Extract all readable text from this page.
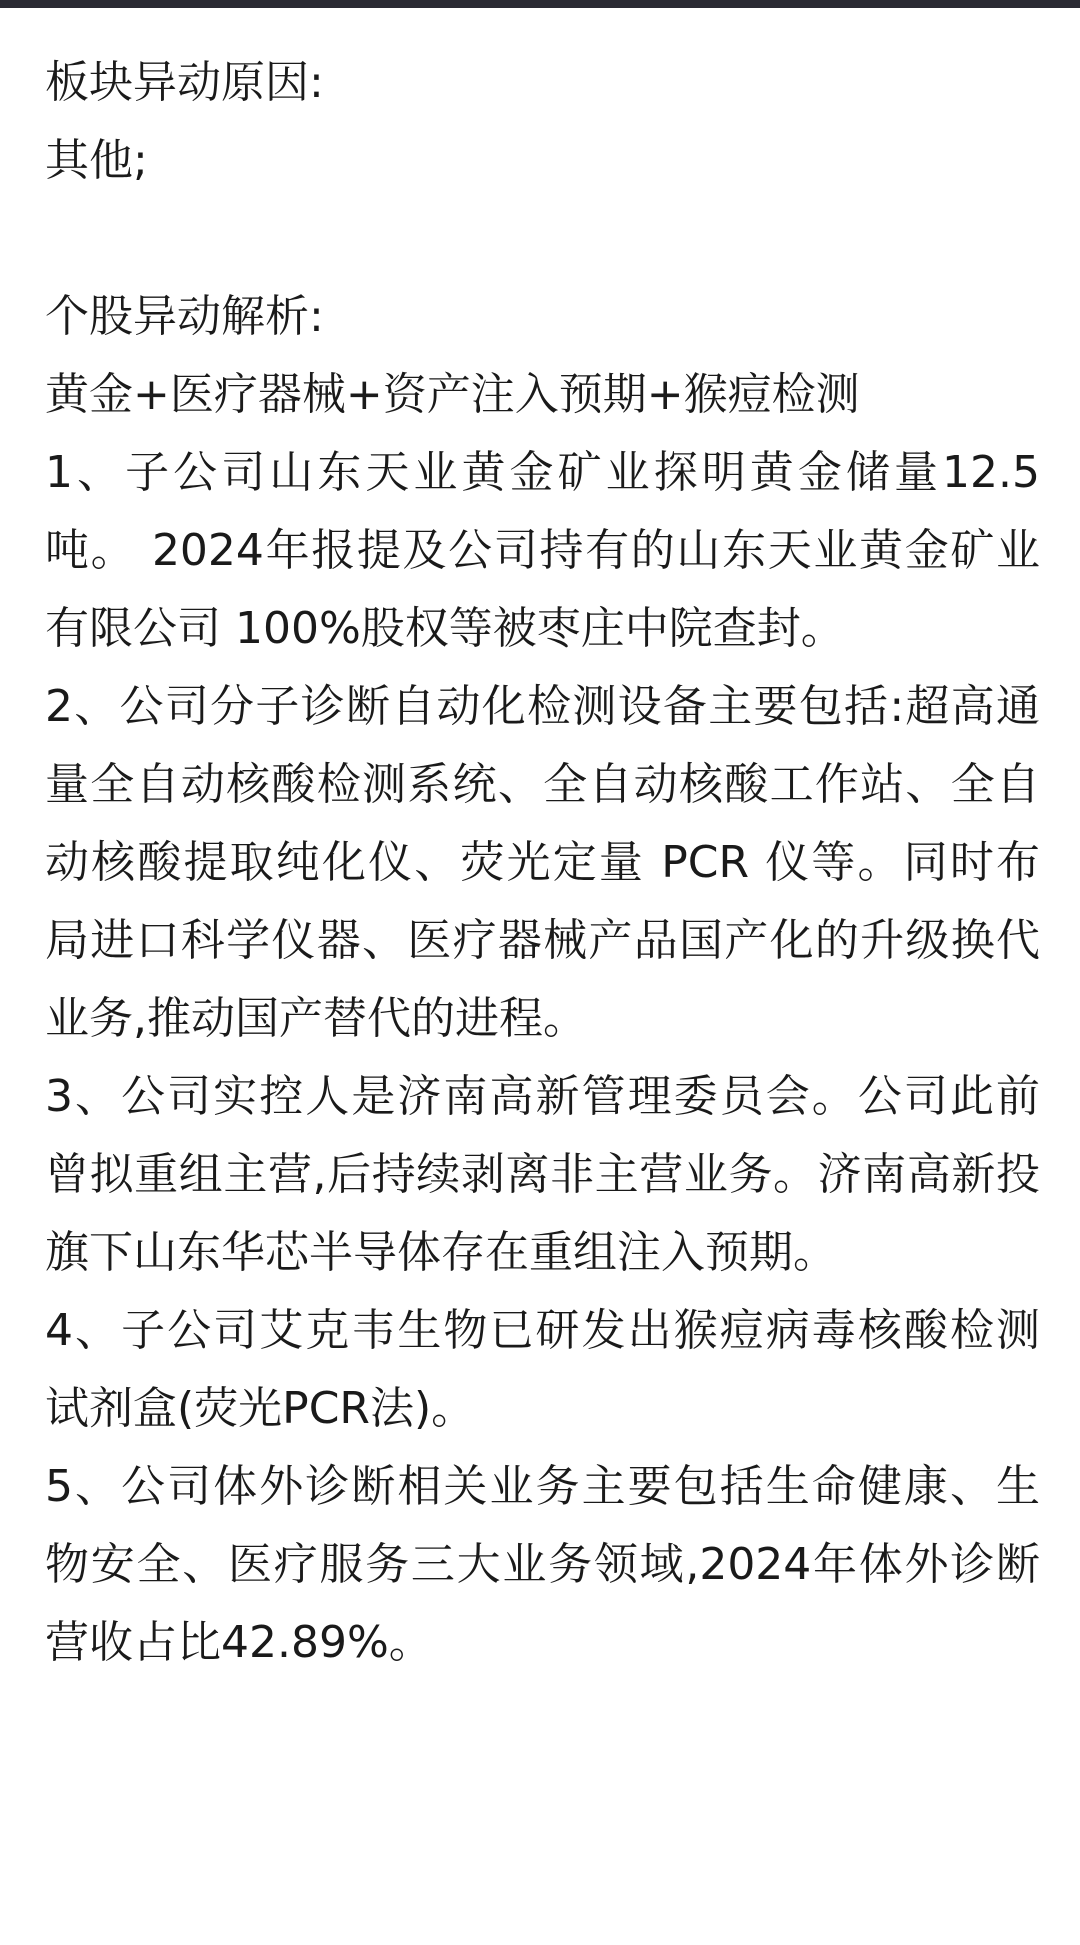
板块异动原因:
其他;
个股异动解析:
黄金+医疗器械+资产注入预期+猴痘检测
1、子公司山东天业黄金矿业探明黄金储量12.5吨。 2024年报提及公司持有的山东天业黄金矿业有限公司 100%股权等被枣庄中院查封。
2、公司分子诊断自动化检测设备主要包括:超高通量全自动核酸检测系统、全自动核酸工作站、全自动核酸提取纯化仪、荧光定量 PCR 仪等。同时布局进口科学仪器、医疗器械产品国产化的升级换代业务,推动国产替代的进程。
3、公司实控人是济南高新管理委员会。公司此前曾拟重组主营,后持续剥离非主营业务。济南高新投旗下山东华芯半导体存在重组注入预期。
4、子公司艾克韦生物已研发出猴痘病毒核酸检测试剂盒(荧光PCR法)。
5、公司体外诊断相关业务主要包括生命健康、生物安全、医疗服务三大业务领域,2024年体外诊断营收占比42.89%。
